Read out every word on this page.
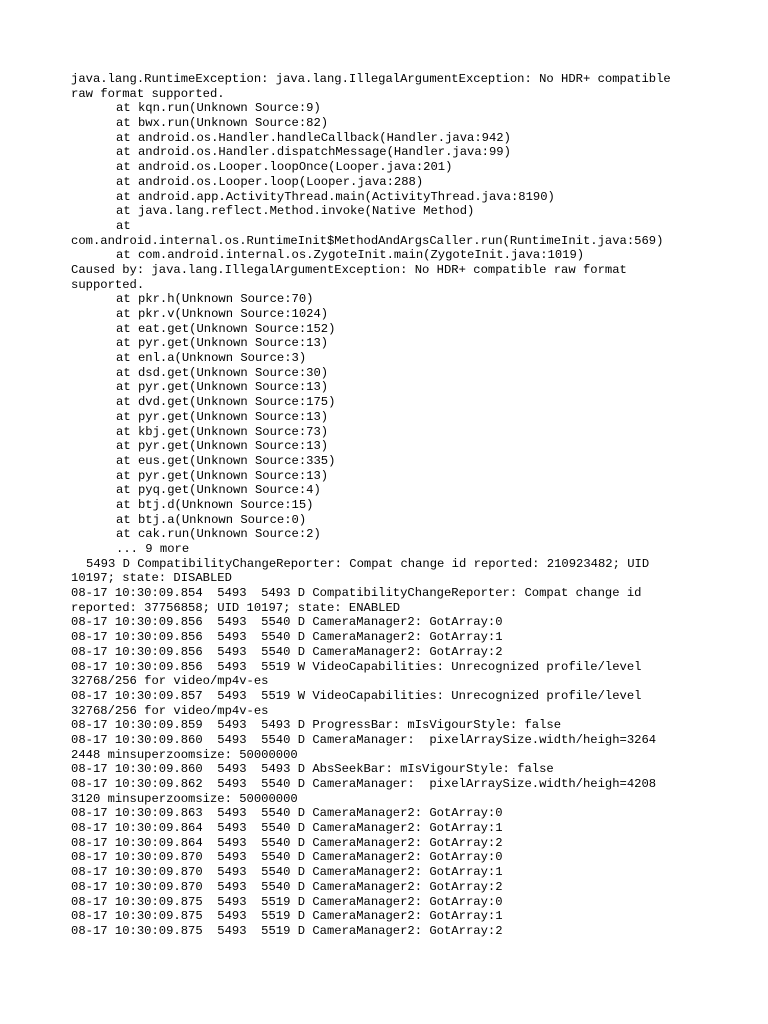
java.lang.RuntimeException: java.lang.IllegalArgumentException: No HDR+ compatible
raw format supported.
at kqn.run(Unknown Source:9)
at bwx.run(Unknown Source:82)
at android.os.Handler.handleCallback(Handler.java:942)
at android.os.Handler.dispatchMessage(Handler.java:99)
at android.os.Looper.loopOnce(Looper.java:201)
at android.os.Looper.loop(Looper.java:288)
at android.app.ActivityThread.main(ActivityThread.java:8190)
at java.lang.reflect.Method.invoke(Native Method)
at
com.android.internal.os.RuntimeInit$MethodAndArgsCaller.run(RuntimeInit.java:569)
at com.android.internal.os.ZygoteInit.main(ZygoteInit.java:1019)
Caused by: java.lang.IllegalArgumentException: No HDR+ compatible raw format
supported.
at pkr.h(Unknown Source:70)
at pkr.v(Unknown Source:1024)
at eat.get(Unknown Source:152)
at pyr.get(Unknown Source:13)
at enl.a(Unknown Source:3)
at dsd.get(Unknown Source:30)
at pyr.get(Unknown Source:13)
at dvd.get(Unknown Source:175)
at pyr.get(Unknown Source:13)
at kbj.get(Unknown Source:73)
at pyr.get(Unknown Source:13)
at eus.get(Unknown Source:335)
at pyr.get(Unknown Source:13)
at pyq.get(Unknown Source:4)
at btj.d(Unknown Source:15)
at btj.a(Unknown Source:0)
at cak.run(Unknown Source:2)
... 9 more
5493 D CompatibilityChangeReporter: Compat change id reported: 210923482; UID
10197; state: DISABLED
08-17 10:30:09.854  5493  5493 D CompatibilityChangeReporter: Compat change id
reported: 37756858; UID 10197; state: ENABLED
08-17 10:30:09.856  5493  5540 D CameraManager2: GotArray:0
08-17 10:30:09.856  5493  5540 D CameraManager2: GotArray:1
08-17 10:30:09.856  5493  5540 D CameraManager2: GotArray:2
08-17 10:30:09.856  5493  5519 W VideoCapabilities: Unrecognized profile/level
32768/256 for video/mp4v-es
08-17 10:30:09.857  5493  5519 W VideoCapabilities: Unrecognized profile/level
32768/256 for video/mp4v-es
08-17 10:30:09.859  5493  5493 D ProgressBar: mIsVigourStyle: false
08-17 10:30:09.860  5493  5540 D CameraManager:  pixelArraySize.width/heigh=3264
2448 minsuperzoomsize: 50000000
08-17 10:30:09.860  5493  5493 D AbsSeekBar: mIsVigourStyle: false
08-17 10:30:09.862  5493  5540 D CameraManager:  pixelArraySize.width/heigh=4208
3120 minsuperzoomsize: 50000000
08-17 10:30:09.863  5493  5540 D CameraManager2: GotArray:0
08-17 10:30:09.864  5493  5540 D CameraManager2: GotArray:1
08-17 10:30:09.864  5493  5540 D CameraManager2: GotArray:2
08-17 10:30:09.870  5493  5540 D CameraManager2: GotArray:0
08-17 10:30:09.870  5493  5540 D CameraManager2: GotArray:1
08-17 10:30:09.870  5493  5540 D CameraManager2: GotArray:2
08-17 10:30:09.875  5493  5519 D CameraManager2: GotArray:0
08-17 10:30:09.875  5493  5519 D CameraManager2: GotArray:1
08-17 10:30:09.875  5493  5519 D CameraManager2: GotArray:2
